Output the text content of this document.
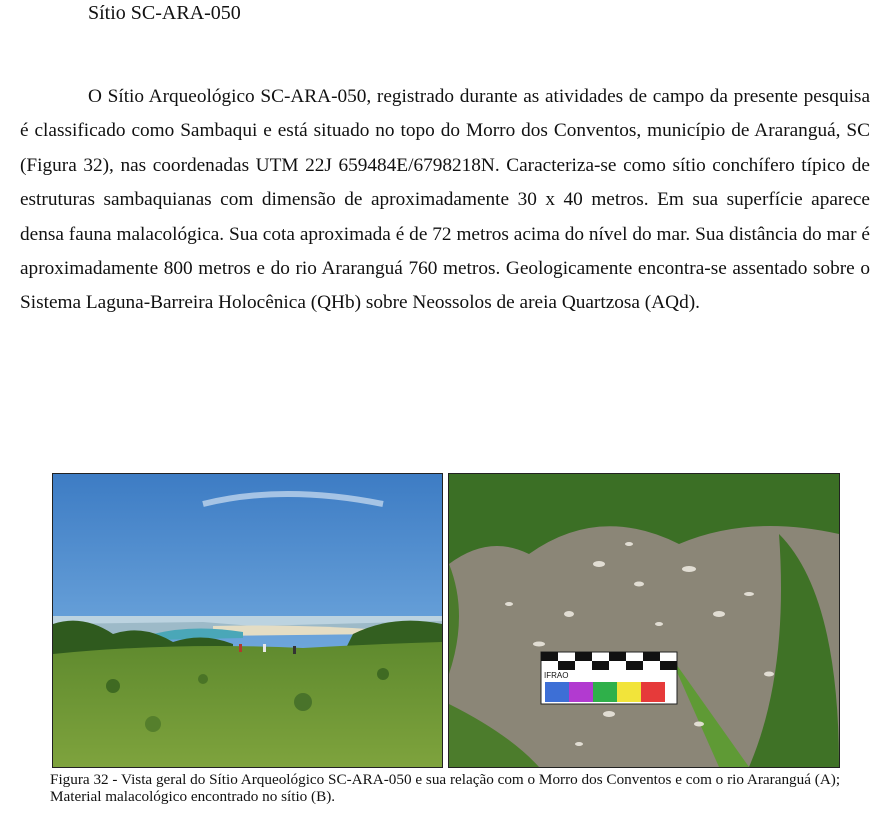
Sítio SC-ARA-050

O Sítio Arqueológico SC-ARA-050, registrado durante as atividades de campo da presente pesquisa é classificado como Sambaqui e está situado no topo do Morro dos Conventos, município de Araranguá, SC (Figura 32), nas coordenadas UTM 22J 659484E/6798218N. Caracteriza-se como sítio conchífero típico de estruturas sambaquianas com dimensão de aproximadamente 30 x 40 metros. Em sua superfície aparece densa fauna malacológica. Sua cota aproximada é de 72 metros acima do nível do mar. Sua distância do mar é aproximadamente 800 metros e do rio Araranguá 760 metros. Geologicamente encontra-se assentado sobre o Sistema Laguna-Barreira Holocênica (QHb) sobre Neossolos de areia Quartzosa (AQd).

IFRAO

Figura 32 - Vista geral do Sítio Arqueológico SC-ARA-050 e sua relação com o Morro dos Conventos e com o rio Araranguá (A); Material malacológico encontrado no sítio (B).
